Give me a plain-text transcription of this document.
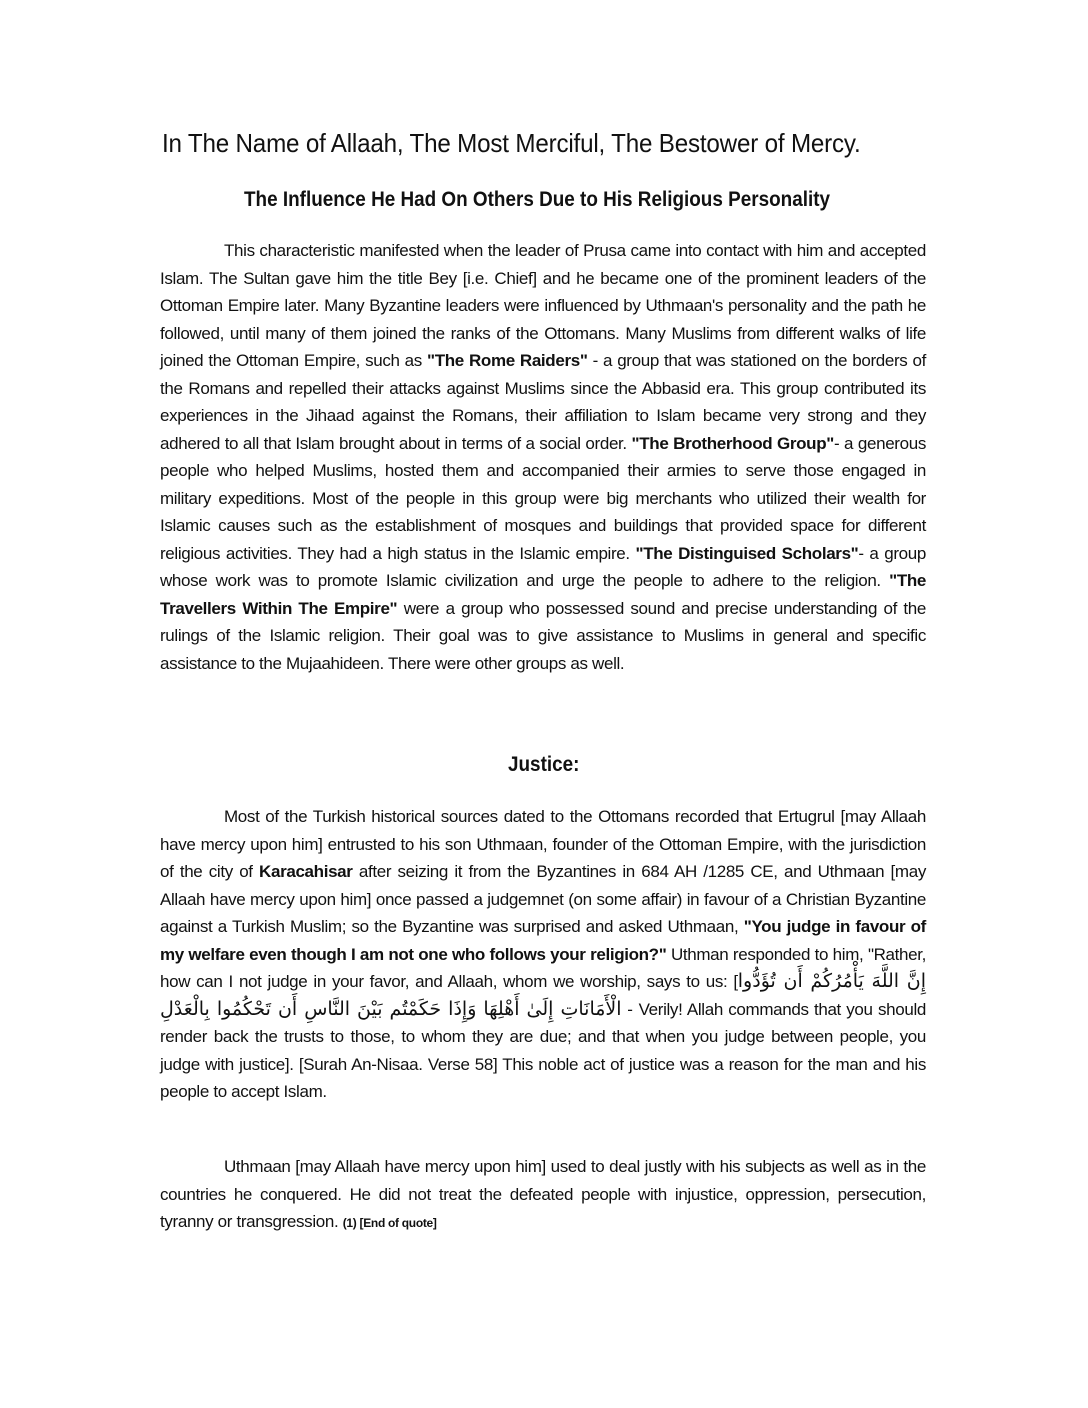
In The Name of Allaah, The Most Merciful, The Bestower of Mercy.
The Influence He Had On Others Due to His Religious Personality

This characteristic manifested when the leader of Prusa came into contact with him and accepted Islam. The Sultan gave him the title Bey [i.e. Chief] and he became one of the prominent leaders of the Ottoman Empire later. Many Byzantine leaders were influenced by Uthmaan's personality and the path he followed, until many of them joined the ranks of the Ottomans. Many Muslims from different walks of life joined the Ottoman Empire, such as "The Rome Raiders" - a group that was stationed on the borders of the Romans and repelled their attacks against Muslims since the Abbasid era. This group contributed its experiences in the Jihaad against the Romans, their affiliation to Islam became very strong and they adhered to all that Islam brought about in terms of a social order. "The Brotherhood Group"- a generous people who helped Muslims, hosted them and accompanied their armies to serve those engaged in military expeditions. Most of the people in this group were big merchants who utilized their wealth for Islamic causes such as the establishment of mosques and buildings that provided space for different religious activities. They had a high status in the Islamic empire. "The Distinguised Scholars"- a group whose work was to promote Islamic civilization and urge the people to adhere to the religion. "The Travellers Within The Empire" were a group who possessed sound and precise understanding of the rulings of the Islamic religion. Their goal was to give assistance to Muslims in general and specific assistance to the Mujaahideen. There were other groups as well.

Justice:

Most of the Turkish historical sources dated to the Ottomans recorded that Ertugrul [may Allaah have mercy upon him] entrusted to his son Uthmaan, founder of the Ottoman Empire, with the jurisdiction of the city of Karacahisar after seizing it from the Byzantines in 684 AH /1285 CE, and Uthmaan [may Allaah have mercy upon him] once passed a judgemnet (on some affair) in favour of a Christian Byzantine against a Turkish Muslim; so the Byzantine was surprised and asked Uthmaan, "You judge in favour of my welfare even though I am not one who follows your religion?" Uthman responded to him, "Rather, how can I not judge in your favor, and Allaah, whom we worship, says to us: [إِنَّ اللَّهَ يَأْمُرُكُمْ أَن تُؤَدُّوا الْأَمَانَاتِ إِلَىٰ أَهْلِهَا وَإِذَا حَكَمْتُم بَيْنَ النَّاسِ أَن تَحْكُمُوا بِالْعَدْلِ - Verily! Allah commands that you should render back the trusts to those, to whom they are due; and that when you judge between people, you judge with justice]. [Surah An-Nisaa. Verse 58] This noble act of justice was a reason for the man and his people to accept Islam.

Uthmaan [may Allaah have mercy upon him] used to deal justly with his subjects as well as in the countries he conquered. He did not treat the defeated people with injustice, oppression, persecution, tyranny or transgression. (1) [End of quote]
